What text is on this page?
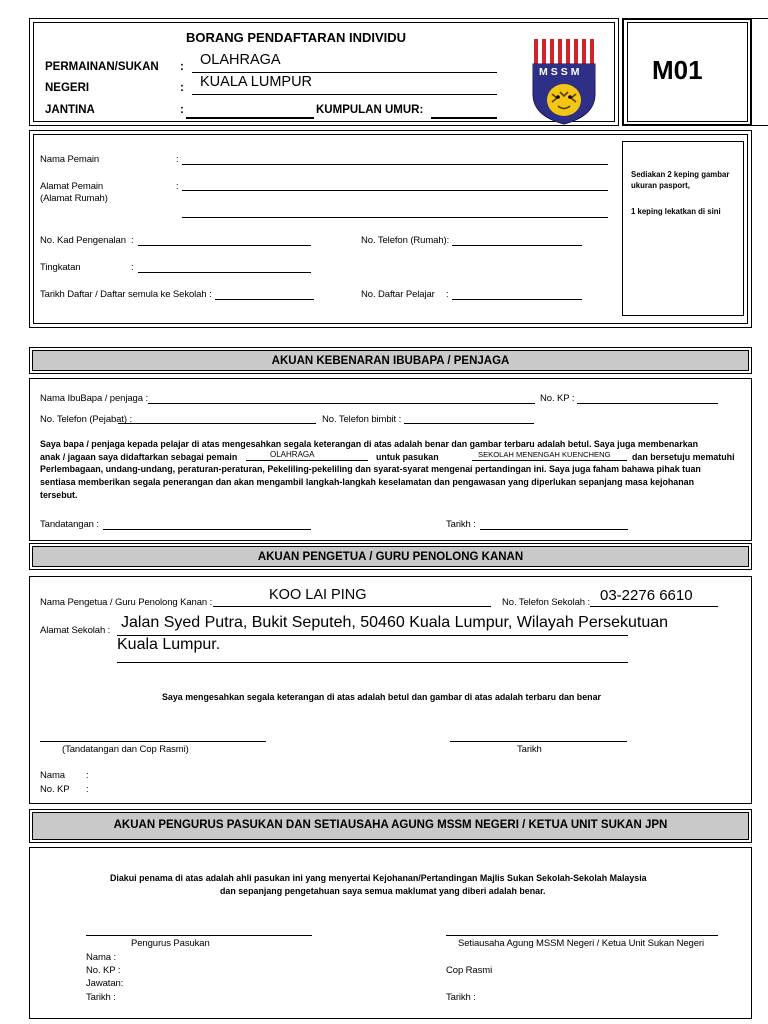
BORANG PENDAFTARAN INDIVIDU
PERMAINAN/SUKAN : OLAHRAGA
NEGERI	: KUALA LUMPUR
JANTINA	:	KUMPULAN UMUR:
MSSM	M01
Nama Pemain	:
Alamat Pemain
(Alamat Rumah)
:
No. Kad Pengenalan :	No. Telefon (Rumah):
Tingkatan	:
Tarikh Daftar / Daftar semula ke Sekolah :	No. Daftar Pelajar :
Sediakan 2 keping gambar ukuran pasport,
1 keping lekatkan di sini
AKUAN KEBENARAN IBUBAPA / PENJAGA
Nama IbuBapa / penjaga :	No. KP :
No. Telefon (Pejabat) :	No. Telefon bimbit :
Saya bapa / penjaga kepada pelajar di atas mengesahkan segala keterangan di atas adalah benar dan gambar terbaru adalah betul. Saya juga membenarkan
anak / jagaan saya didaftarkan sebagai pemain	OLAHRAGA	untuk pasukan	SEKOLAH MENENGAH KUENCHENG dan bersetuju mematuhi
Perlembagaan, undang-undang, peraturan-peraturan, Pekeliling-pekeliling dan syarat-syarat mengenai pertandingan ini. Saya juga faham bahawa pihak tuan
sentiasa memberikan segala penerangan dan akan mengambil langkah-langkah keselamatan dan pengawasan yang diperlukan sepanjang masa kejohanan
tersebut.
Tandatangan :	Tarikh :
AKUAN PENGETUA / GURU PENOLONG KANAN
Nama Pengetua / Guru Penolong Kanan :	KOO LAI PING	No. Telefon Sekolah : 03-2276 6610
Alamat Sekolah : Jalan Syed Putra, Bukit Seputeh, 50460 Kuala Lumpur, Wilayah Persekutuan
Kuala Lumpur.
Saya mengesahkan segala keterangan di atas adalah betul dan gambar di atas adalah terbaru dan benar
(Tandatangan dan Cop Rasmi)	Tarikh
Nama :
No. KP :
AKUAN PENGURUS PASUKAN DAN SETIAUSAHA AGUNG MSSM NEGERI / KETUA UNIT SUKAN JPN
Diakui penama di atas adalah ahli pasukan ini yang menyertai Kejohanan/Pertandingan Majlis Sukan Sekolah-Sekolah Malaysia
dan sepanjang pengetahuan saya semua maklumat yang diberi adalah benar.
Pengurus Pasukan	Setiausaha Agung MSSM Negeri / Ketua Unit Sukan Negeri
Nama :
No. KP :
Jawatan:
Tarikh :
Cop Rasmi
Tarikh :
